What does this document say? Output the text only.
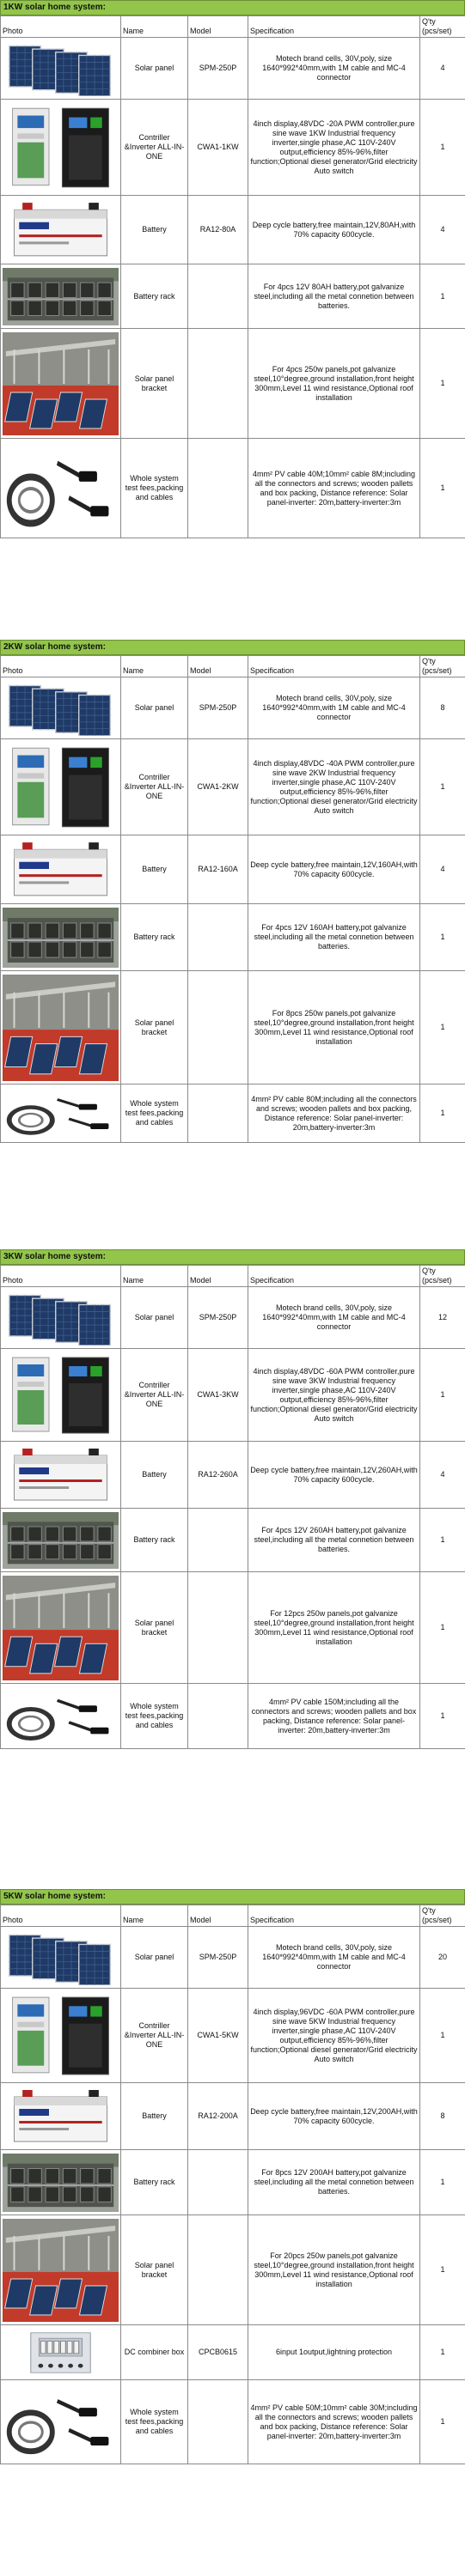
1KW solar home system:
Photo	Name	Model	Specification	Q'ty (pcs/set)

	Solar panel	SPM-250P	Motech brand cells, 30V,poly, size 1640*992*40mm,with 1M cable and MC-4 connector	4

	Contriller &Inverter ALL-IN-ONE	CWA1-1KW	4inch display,48VDC -20A PWM controller,pure sine wave 1KW Industrial frequency inverter,single phase,AC 110V-240V output,efficiency 85%-96%,filter function;Optional diesel generator/Grid electricity Auto switch	1

	Battery	RA12-80A	Deep cycle battery,free maintain,12V,80AH,with 70% capacity 600cycle.	4

	Battery rack		For 4pcs 12V 80AH battery,pot galvanize steel,including all the metal connetion between batteries.	1

	Solar panel bracket		For 4pcs 250w panels,pot galvanize steel,10°degree,ground installation,front height 300mm,Level 11 wind resistance,Optional roof installation	1

	Whole system test fees,packing and cables		4mm² PV cable 40M;10mm² cable 8M;including all the connectors and screws; wooden pallets and box packing, Distance reference: Solar panel-inverter: 20m,battery-inverter:3m	1
2KW solar home system:
Photo	Name	Model	Specification	Q'ty (pcs/set)

	Solar panel	SPM-250P	Motech brand cells, 30V,poly, size 1640*992*40mm,with 1M cable and MC-4 connector	8

	Contriller &Inverter ALL-IN-ONE	CWA1-2KW	4inch display,48VDC -40A PWM controller,pure sine wave 2KW Industrial frequency inverter,single phase,AC 110V-240V output,efficiency 85%-96%,filter function;Optional diesel generator/Grid electricity Auto switch	1

	Battery	RA12-160A	Deep cycle battery,free maintain,12V,160AH,with 70% capacity 600cycle.	4

	Battery rack		For 4pcs 12V 160AH battery,pot galvanize steel,including all the metal connetion between batteries.	1

	Solar panel bracket		For 8pcs 250w panels,pot galvanize steel,10°degree,ground installation,front height 300mm,Level 11 wind resistance,Optional roof installation	1

	Whole system test fees,packing and cables		4mm² PV cable 80M;including all the connectors and screws; wooden pallets and box packing, Distance reference: Solar panel-inverter: 20m,battery-inverter:3m	1
3KW solar home system:
Photo	Name	Model	Specification	Q'ty (pcs/set)

	Solar panel	SPM-250P	Motech brand cells, 30V,poly, size 1640*992*40mm,with 1M cable and MC-4 connector	12

	Contriller &Inverter ALL-IN-ONE	CWA1-3KW	4inch display,48VDC -60A PWM controller,pure sine wave 3KW Industrial frequency inverter,single phase,AC 110V-240V output,efficiency 85%-96%,filter function;Optional diesel generator/Grid electricity Auto switch	1

	Battery	RA12-260A	Deep cycle battery,free maintain,12V,260AH,with 70% capacity 600cycle.	4

	Battery rack		For 4pcs 12V 260AH battery,pot galvanize steel,including all the metal connetion between batteries.	1

	Solar panel bracket		For 12pcs 250w panels,pot galvanize steel,10°degree,ground installation,front height 300mm,Level 11 wind resistance,Optional roof installation	1

	Whole system test fees,packing and cables		4mm² PV cable 150M;including all the connectors and screws; wooden pallets and box packing, Distance reference: Solar panel-inverter: 20m,battery-inverter:3m	1
5KW solar home system:
Photo	Name	Model	Specification	Q'ty (pcs/set)

	Solar panel	SPM-250P	Motech brand cells, 30V,poly, size 1640*992*40mm,with 1M cable and MC-4 connector	20

	Contriller &Inverter ALL-IN-ONE	CWA1-5KW	4inch display,96VDC -60A PWM controller,pure sine wave 5KW Industrial frequency inverter,single phase,AC 110V-240V output,efficiency 85%-96%,filter function;Optional diesel generator/Grid electricity Auto switch	1

	Battery	RA12-200A	Deep cycle battery,free maintain,12V,200AH,with 70% capacity 600cycle.	8

	Battery rack		For 8pcs 12V 200AH battery,pot galvanize steel,including all the metal connetion between batteries.	1

	Solar panel bracket		For 20pcs 250w panels,pot galvanize steel,10°degree,ground installation,front height 300mm,Level 11 wind resistance,Optional roof installation	1

	DC combiner box	CPCB0615	6input 1output,lightning protection	1

	Whole system test fees,packing and cables		4mm² PV cable 50M;10mm² cable 30M;including all the connectors and screws; wooden pallets and box packing, Distance reference: Solar panel-inverter: 20m,battery-inverter:3m	1
